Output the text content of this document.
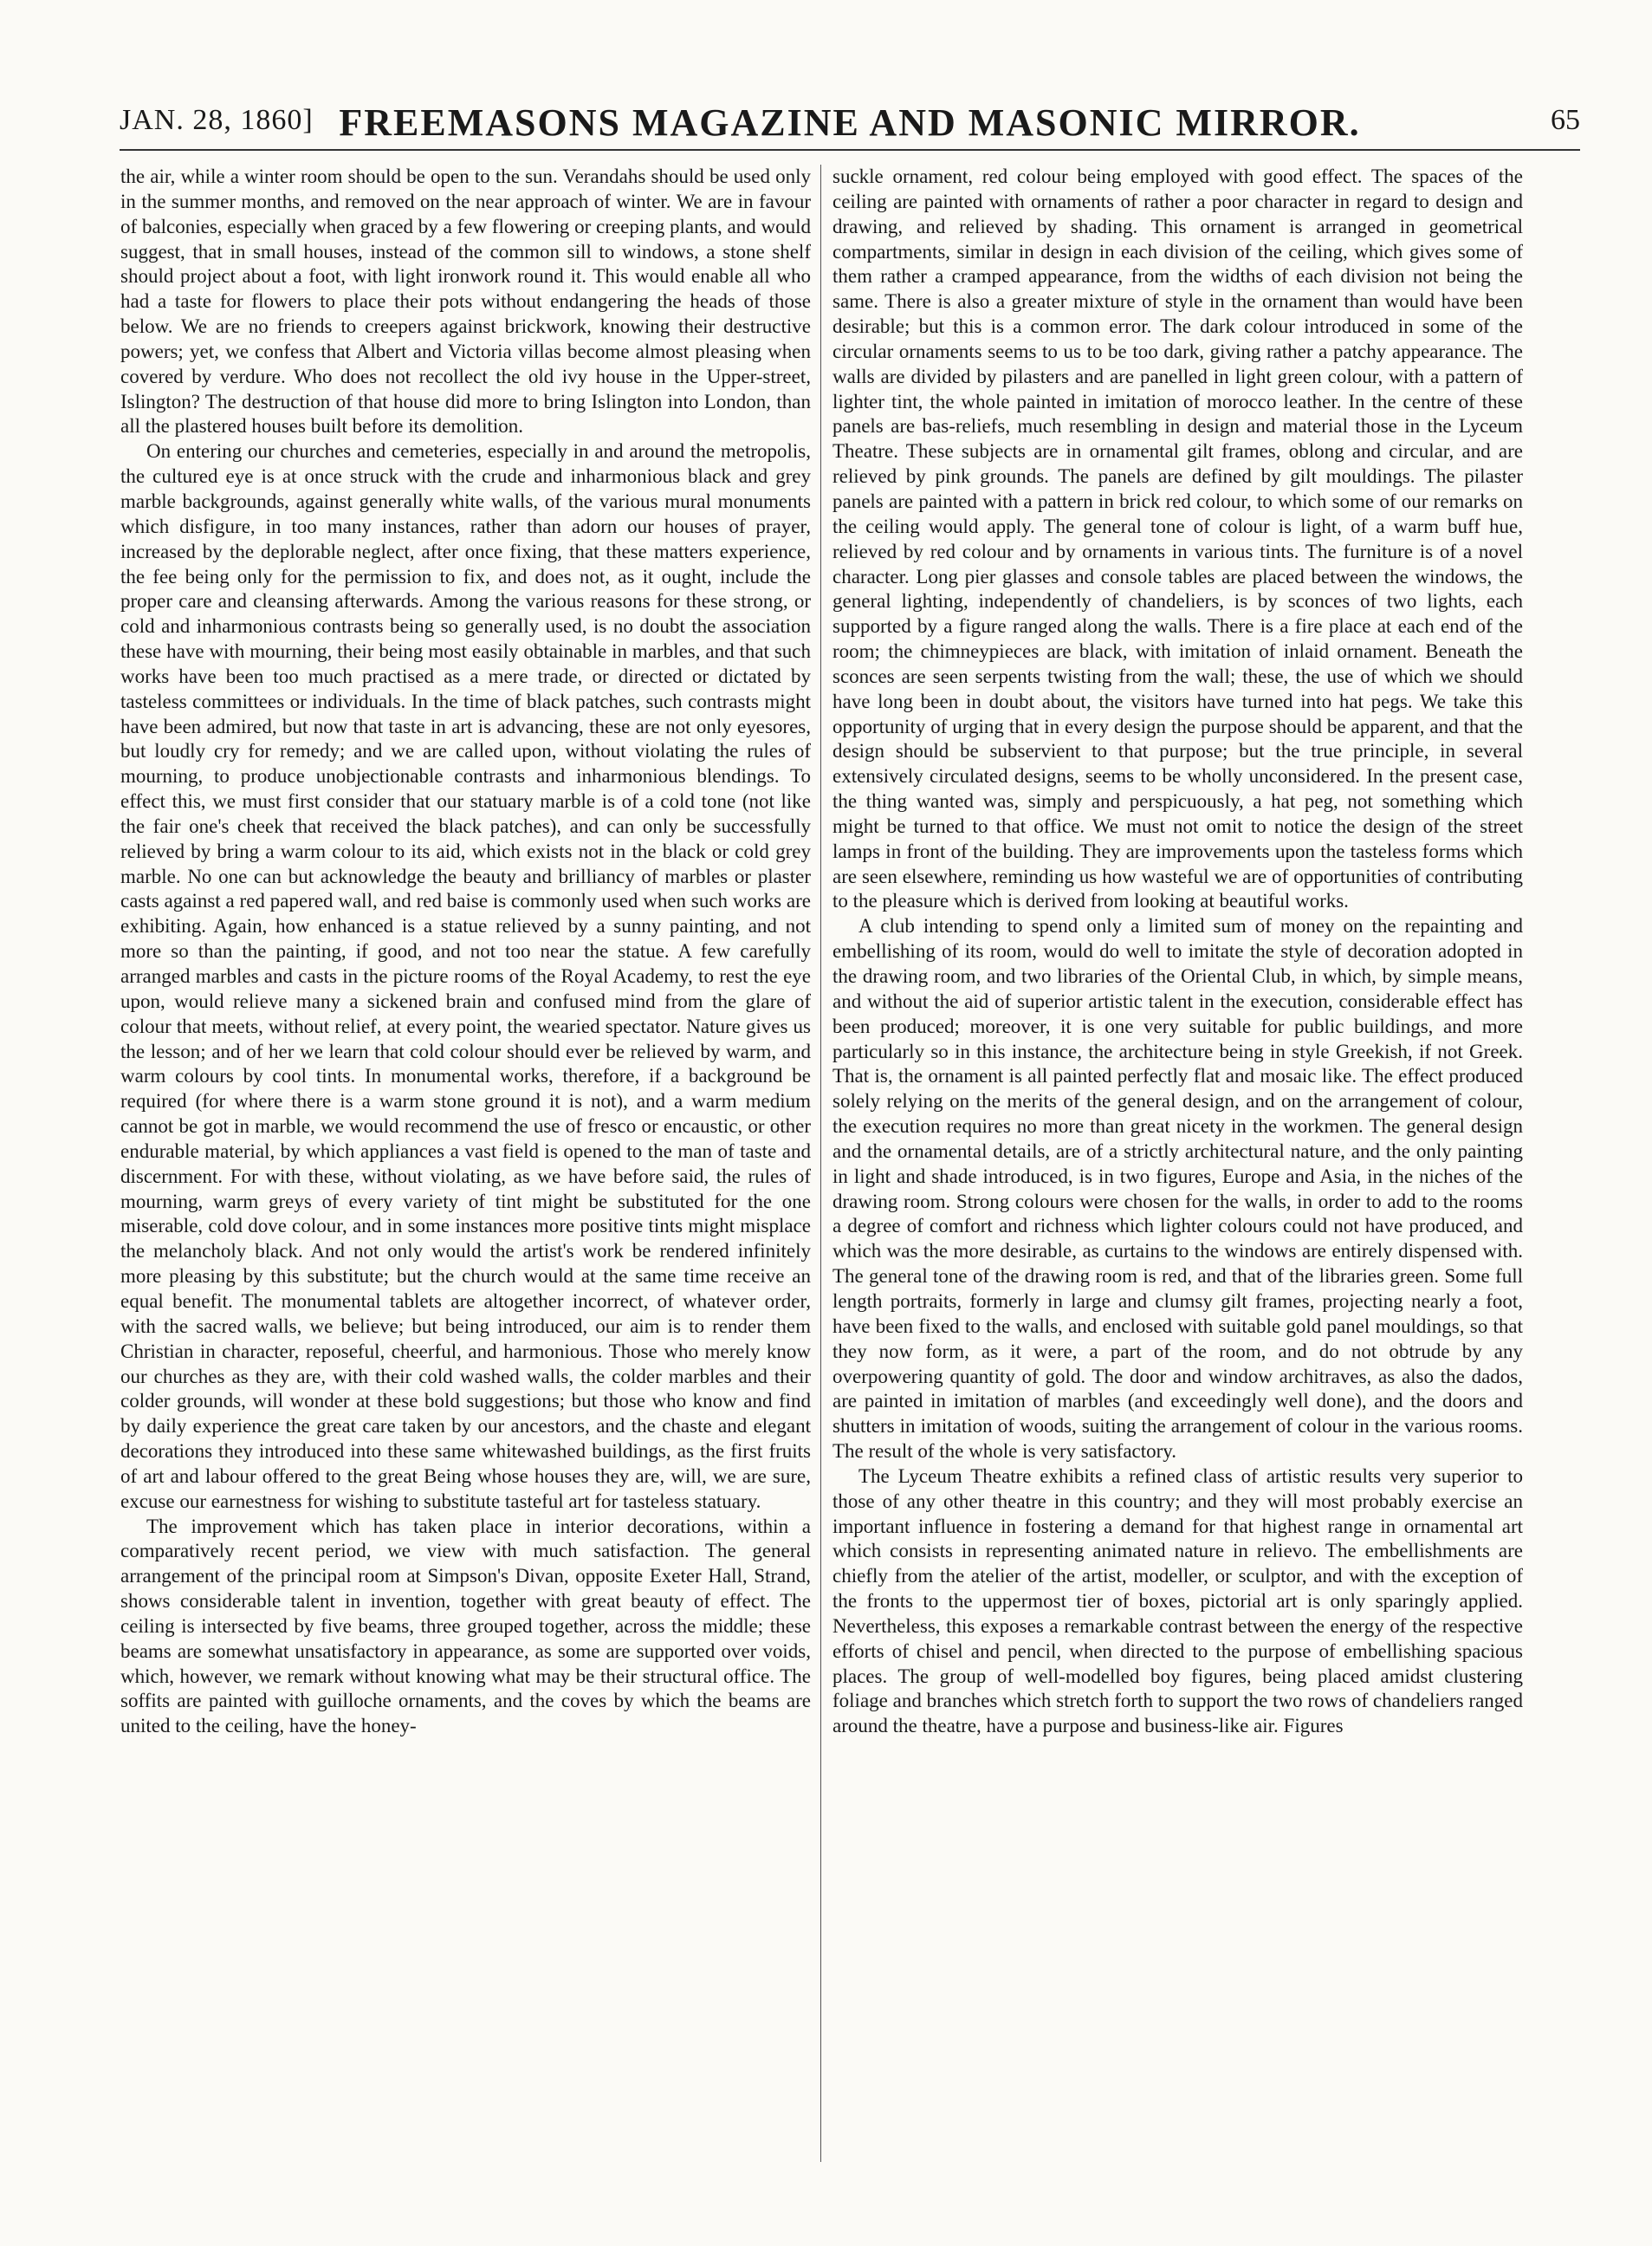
JAN. 28, 1860] FREEMASONS MAGAZINE AND MASONIC MIRROR.	65

the air, while a winter room should be open to the sun. Verandahs should be used only in the summer months, and removed on the near approach of winter. We are in favour of balconies, especially when graced by a few flowering or creeping plants, and would suggest, that in small houses, instead of the common sill to windows, a stone shelf should project about a foot, with light ironwork round it. This would enable all who had a taste for flowers to place their pots without endangering the heads of those below. We are no friends to creepers against brickwork, knowing their destructive powers; yet, we confess that Albert and Victoria villas become almost pleasing when covered by verdure. Who does not recollect the old ivy house in the Upper-street, Islington? The destruction of that house did more to bring Islington into London, than all the plastered houses built before its demolition.

On entering our churches and cemeteries, especially in and around the metropolis, the cultured eye is at once struck with the crude and inharmonious black and grey marble backgrounds, against generally white walls, of the various mural monuments which disfigure, in too many instances, rather than adorn our houses of prayer, increased by the deplorable neglect, after once fixing, that these matters experience, the fee being only for the permission to fix, and does not, as it ought, include the proper care and cleansing afterwards. Among the various reasons for these strong, or cold and inharmonious contrasts being so generally used, is no doubt the association these have with mourning, their being most easily obtainable in marbles, and that such works have been too much practised as a mere trade, or directed or dictated by tasteless committees or individuals. In the time of black patches, such contrasts might have been admired, but now that taste in art is advancing, these are not only eyesores, but loudly cry for remedy; and we are called upon, without violating the rules of mourning, to produce unobjectionable contrasts and inharmonious blendings. To effect this, we must first consider that our statuary marble is of a cold tone (not like the fair one's cheek that received the black patches), and can only be successfully relieved by bring a warm colour to its aid, which exists not in the black or cold grey marble. No one can but acknowledge the beauty and brilliancy of marbles or plaster casts against a red papered wall, and red baise is commonly used when such works are exhibiting. Again, how enhanced is a statue relieved by a sunny painting, and not more so than the painting, if good, and not too near the statue. A few carefully arranged marbles and casts in the picture rooms of the Royal Academy, to rest the eye upon, would relieve many a sickened brain and confused mind from the glare of colour that meets, without relief, at every point, the wearied spectator. Nature gives us the lesson; and of her we learn that cold colour should ever be relieved by warm, and warm colours by cool tints. In monumental works, therefore, if a background be required (for where there is a warm stone ground it is not), and a warm medium cannot be got in marble, we would recommend the use of fresco or encaustic, or other endurable material, by which appliances a vast field is opened to the man of taste and discernment. For with these, without violating, as we have before said, the rules of mourning, warm greys of every variety of tint might be substituted for the one miserable, cold dove colour, and in some instances more positive tints might misplace the melancholy black. And not only would the artist's work be rendered infinitely more pleasing by this substitute; but the church would at the same time receive an equal benefit. The monumental tablets are altogether incorrect, of whatever order, with the sacred walls, we believe; but being introduced, our aim is to render them Christian in character, reposeful, cheerful, and harmonious. Those who merely know our churches as they are, with their cold washed walls, the colder marbles and their colder grounds, will wonder at these bold suggestions; but those who know and find by daily experience the great care taken by our ancestors, and the chaste and elegant decorations they introduced into these same whitewashed buildings, as the first fruits of art and labour offered to the great Being whose houses they are, will, we are sure, excuse our earnestness for wishing to substitute tasteful art for tasteless statuary.

The improvement which has taken place in interior decorations, within a comparatively recent period, we view with much satisfaction. The general arrangement of the principal room at Simpson's Divan, opposite Exeter Hall, Strand, shows considerable talent in invention, together with great beauty of effect. The ceiling is intersected by five beams, three grouped together, across the middle; these beams are somewhat unsatisfactory in appearance, as some are supported over voids, which, however, we remark without knowing what may be their structural office. The soffits are painted with guilloche ornaments, and the coves by which the beams are united to the ceiling, have the honey-

suckle ornament, red colour being employed with good effect. The spaces of the ceiling are painted with ornaments of rather a poor character in regard to design and drawing, and relieved by shading. This ornament is arranged in geometrical compartments, similar in design in each division of the ceiling, which gives some of them rather a cramped appearance, from the widths of each division not being the same. There is also a greater mixture of style in the ornament than would have been desirable; but this is a common error. The dark colour introduced in some of the circular ornaments seems to us to be too dark, giving rather a patchy appearance. The walls are divided by pilasters and are panelled in light green colour, with a pattern of lighter tint, the whole painted in imitation of morocco leather. In the centre of these panels are bas-reliefs, much resembling in design and material those in the Lyceum Theatre. These subjects are in ornamental gilt frames, oblong and circular, and are relieved by pink grounds. The panels are defined by gilt mouldings. The pilaster panels are painted with a pattern in brick red colour, to which some of our remarks on the ceiling would apply. The general tone of colour is light, of a warm buff hue, relieved by red colour and by ornaments in various tints. The furniture is of a novel character. Long pier glasses and console tables are placed between the windows, the general lighting, independently of chandeliers, is by sconces of two lights, each supported by a figure ranged along the walls. There is a fire place at each end of the room; the chimneypieces are black, with imitation of inlaid ornament. Beneath the sconces are seen serpents twisting from the wall; these, the use of which we should have long been in doubt about, the visitors have turned into hat pegs. We take this opportunity of urging that in every design the purpose should be apparent, and that the design should be subservient to that purpose; but the true principle, in several extensively circulated designs, seems to be wholly unconsidered. In the present case, the thing wanted was, simply and perspicuously, a hat peg, not something which might be turned to that office. We must not omit to notice the design of the street lamps in front of the building. They are improvements upon the tasteless forms which are seen elsewhere, reminding us how wasteful we are of opportunities of contributing to the pleasure which is derived from looking at beautiful works.

A club intending to spend only a limited sum of money on the repainting and embellishing of its room, would do well to imitate the style of decoration adopted in the drawing room, and two libraries of the Oriental Club, in which, by simple means, and without the aid of superior artistic talent in the execution, considerable effect has been produced; moreover, it is one very suitable for public buildings, and more particularly so in this instance, the architecture being in style Greekish, if not Greek. That is, the ornament is all painted perfectly flat and mosaic like. The effect produced solely relying on the merits of the general design, and on the arrangement of colour, the execution requires no more than great nicety in the workmen. The general design and the ornamental details, are of a strictly architectural nature, and the only painting in light and shade introduced, is in two figures, Europe and Asia, in the niches of the drawing room. Strong colours were chosen for the walls, in order to add to the rooms a degree of comfort and richness which lighter colours could not have produced, and which was the more desirable, as curtains to the windows are entirely dispensed with. The general tone of the drawing room is red, and that of the libraries green. Some full length portraits, formerly in large and clumsy gilt frames, projecting nearly a foot, have been fixed to the walls, and enclosed with suitable gold panel mouldings, so that they now form, as it were, a part of the room, and do not obtrude by any overpowering quantity of gold. The door and window architraves, as also the dados, are painted in imitation of marbles (and exceedingly well done), and the doors and shutters in imitation of woods, suiting the arrangement of colour in the various rooms. The result of the whole is very satisfactory.

The Lyceum Theatre exhibits a refined class of artistic results very superior to those of any other theatre in this country; and they will most probably exercise an important influence in fostering a demand for that highest range in ornamental art which consists in representing animated nature in relievo. The embellishments are chiefly from the atelier of the artist, modeller, or sculptor, and with the exception of the fronts to the uppermost tier of boxes, pictorial art is only sparingly applied. Nevertheless, this exposes a remarkable contrast between the energy of the respective efforts of chisel and pencil, when directed to the purpose of embellishing spacious places. The group of well-modelled boy figures, being placed amidst clustering foliage and branches which stretch forth to support the two rows of chandeliers ranged around the theatre, have a purpose and business-like air. Figures
